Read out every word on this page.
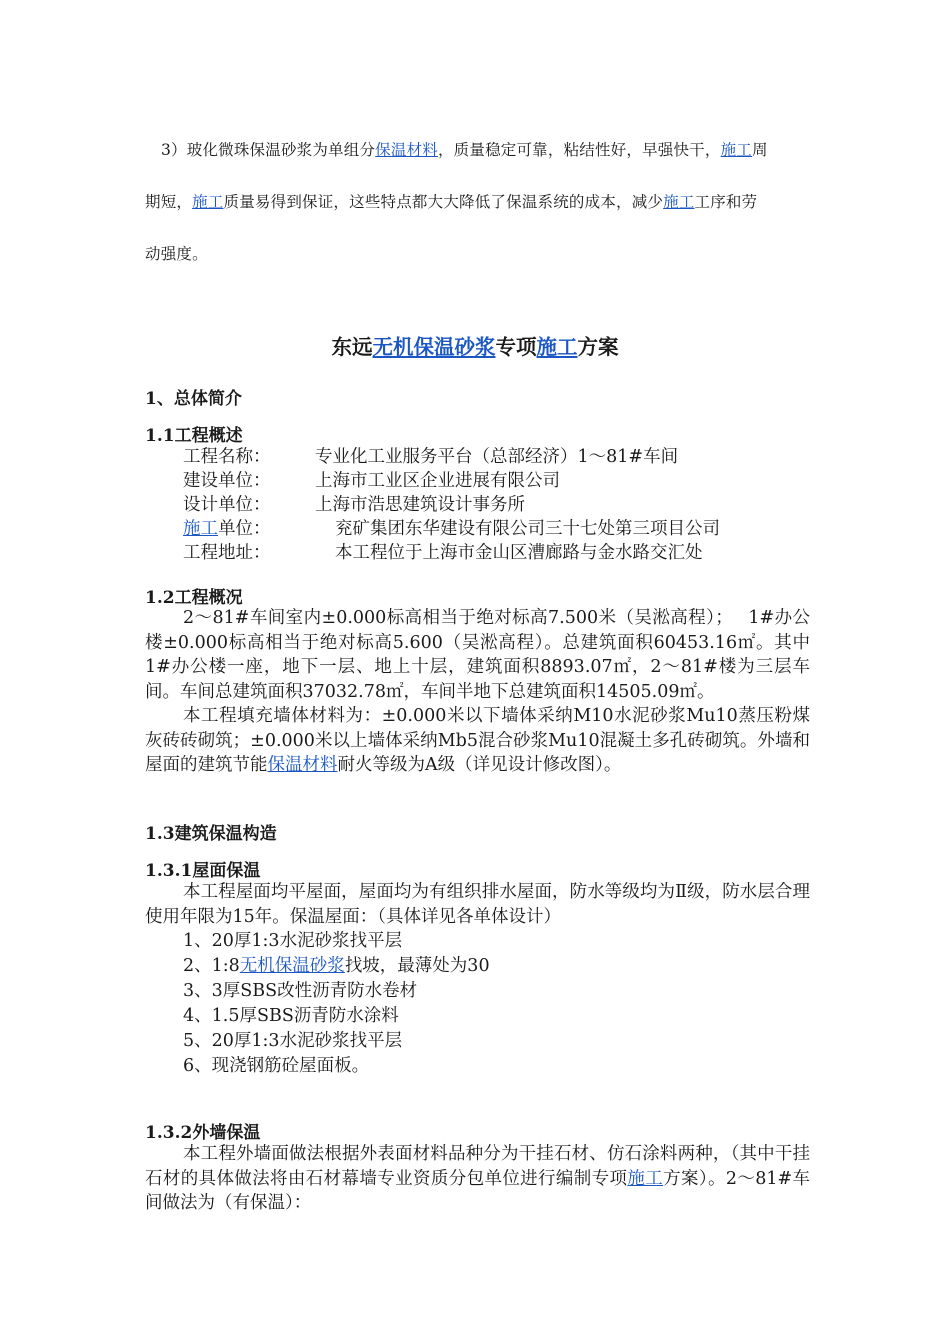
3）玻化微珠保温砂浆为单组分保温材料，质量稳定可靠，粘结性好，早强快干，施工周

期短，施工质量易得到保证，这些特点都大大降低了保温系统的成本，减少施工工序和劳

动强度。

东远无机保温砂浆专项施工方案
1、总体简介
1.1工程概述
工程名称：	专业化工业服务平台（总部经济）1～81#车间
建设单位：	上海市工业区企业进展有限公司
设计单位：	上海市浩思建筑设计事务所
施工单位：	兖矿集团东华建设有限公司三十七处第三项目公司
工程地址：	本工程位于上海市金山区漕廊路与金水路交汇处
1.2工程概况

2～81#车间室内±0.000标高相当于绝对标高7.500米（吴淞高程）；　 1#办公楼±0.000标高相当于绝对标高5.600（吴淞高程）。总建筑面积60453.16㎡。其中1#办公楼一座，地下一层、地上十层，建筑面积8893.07㎡，2～81#楼为三层车间。车间总建筑面积37032.78㎡，车间半地下总建筑面积14505.09㎡。

本工程填充墙体材料为：±0.000米以下墙体采纳M10水泥砂浆Mu10蒸压粉煤灰砖砖砌筑；±0.000米以上墙体采纳Mb5混合砂浆Mu10混凝土多孔砖砌筑。外墙和屋面的建筑节能保温材料耐火等级为A级（详见设计修改图）。

1.3建筑保温构造
1.3.1屋面保温

本工程屋面均平屋面，屋面均为有组织排水屋面，防水等级均为Ⅱ级，防水层合理使用年限为15年。保温屋面：（具体详见各单体设计）

1、20厚1:3水泥砂浆找平层
2、1:8无机保温砂浆找坡，最薄处为30
3、3厚SBS改性沥青防水卷材
4、1.5厚SBS沥青防水涂料
5、20厚1:3水泥砂浆找平层
6、现浇钢筋砼屋面板。
1.3.2外墙保温

本工程外墙面做法根据外表面材料品种分为干挂石材、仿石涂料两种，（其中干挂石材的具体做法将由石材幕墙专业资质分包单位进行编制专项施工方案）。2～81#车间做法为（有保温）：
